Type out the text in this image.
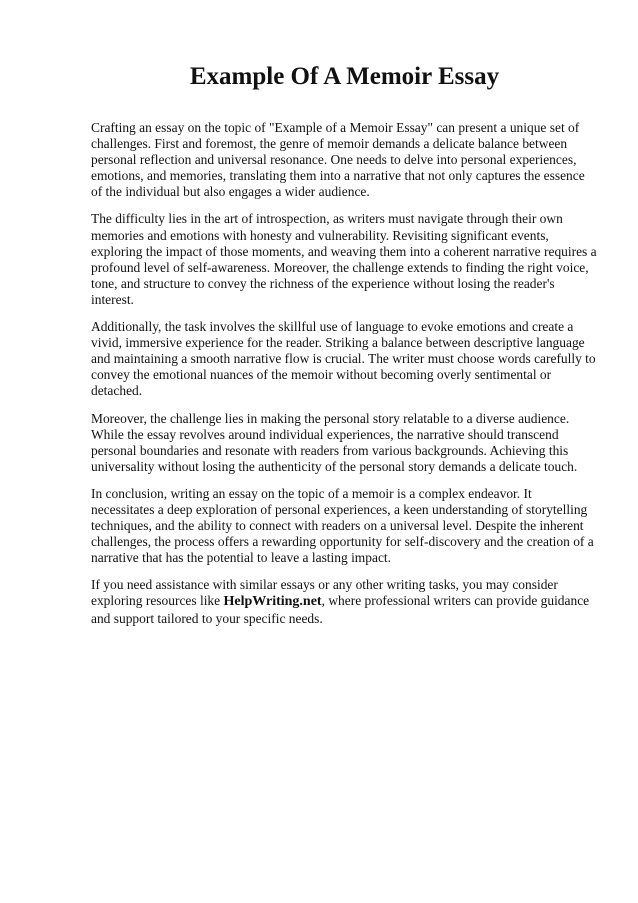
Example Of A Memoir Essay

Crafting an essay on the topic of "Example of a Memoir Essay" can present a unique set of challenges. First and foremost, the genre of memoir demands a delicate balance between personal reflection and universal resonance. One needs to delve into personal experiences, emotions, and memories, translating them into a narrative that not only captures the essence of the individual but also engages a wider audience.

The difficulty lies in the art of introspection, as writers must navigate through their own memories and emotions with honesty and vulnerability. Revisiting significant events, exploring the impact of those moments, and weaving them into a coherent narrative requires a profound level of self-awareness. Moreover, the challenge extends to finding the right voice, tone, and structure to convey the richness of the experience without losing the reader's interest.

Additionally, the task involves the skillful use of language to evoke emotions and create a vivid, immersive experience for the reader. Striking a balance between descriptive language and maintaining a smooth narrative flow is crucial. The writer must choose words carefully to convey the emotional nuances of the memoir without becoming overly sentimental or detached.

Moreover, the challenge lies in making the personal story relatable to a diverse audience. While the essay revolves around individual experiences, the narrative should transcend personal boundaries and resonate with readers from various backgrounds. Achieving this universality without losing the authenticity of the personal story demands a delicate touch.

In conclusion, writing an essay on the topic of a memoir is a complex endeavor. It necessitates a deep exploration of personal experiences, a keen understanding of storytelling techniques, and the ability to connect with readers on a universal level. Despite the inherent challenges, the process offers a rewarding opportunity for self-discovery and the creation of a narrative that has the potential to leave a lasting impact.

If you need assistance with similar essays or any other writing tasks, you may consider exploring resources like HelpWriting.net, where professional writers can provide guidance and support tailored to your specific needs.
